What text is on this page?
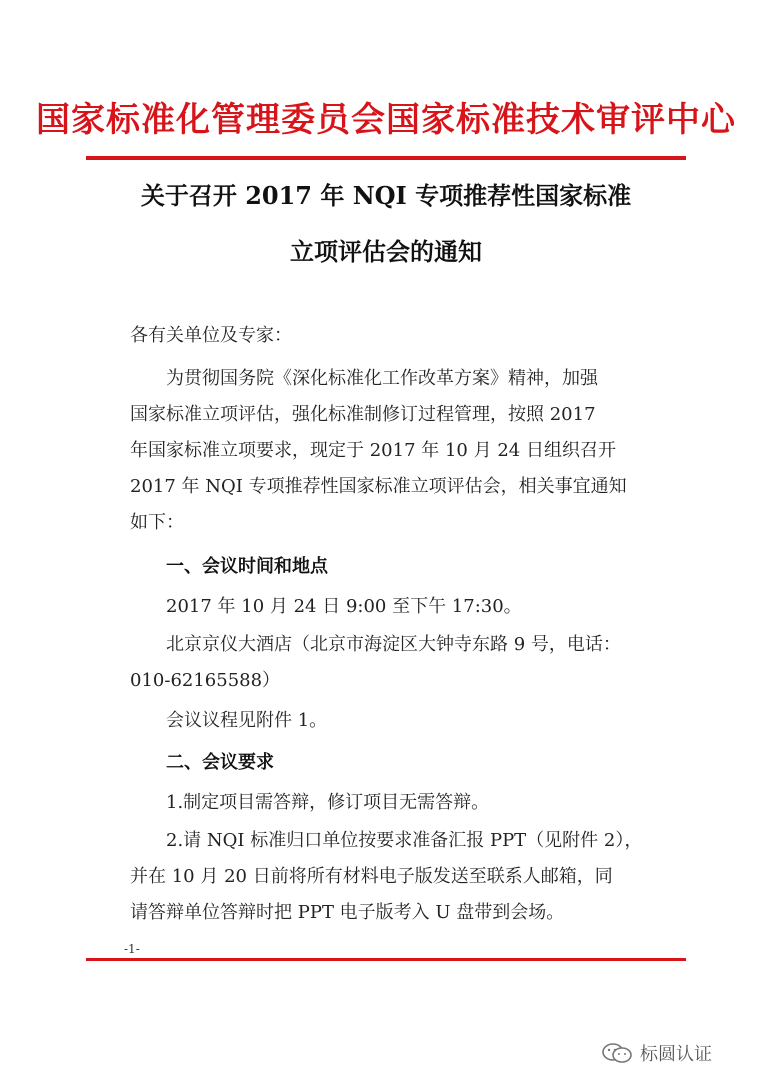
国家标准化管理委员会国家标准技术审评中心
关于召开 2017 年 NQI 专项推荐性国家标准
立项评估会的通知
各有关单位及专家：
为贯彻国务院《深化标准化工作改革方案》精神，加强
国家标准立项评估，强化标准制修订过程管理，按照 2017
年国家标准立项要求，现定于 2017 年 10 月 24 日组织召开
2017 年 NQI 专项推荐性国家标准立项评估会，相关事宜通知
如下：
一、会议时间和地点
2017 年 10 月 24 日 9:00 至下午 17:30。
北京京仪大酒店（北京市海淀区大钟寺东路 9 号，电话：
010-62165588）
会议议程见附件 1。
二、会议要求
1.制定项目需答辩，修订项目无需答辩。
2.请 NQI 标准归口单位按要求准备汇报 PPT（见附件 2），
并在 10 月 20 日前将所有材料电子版发送至联系人邮箱，同
请答辩单位答辩时把 PPT 电子版考入 U 盘带到会场。
-1-
标圆认证
